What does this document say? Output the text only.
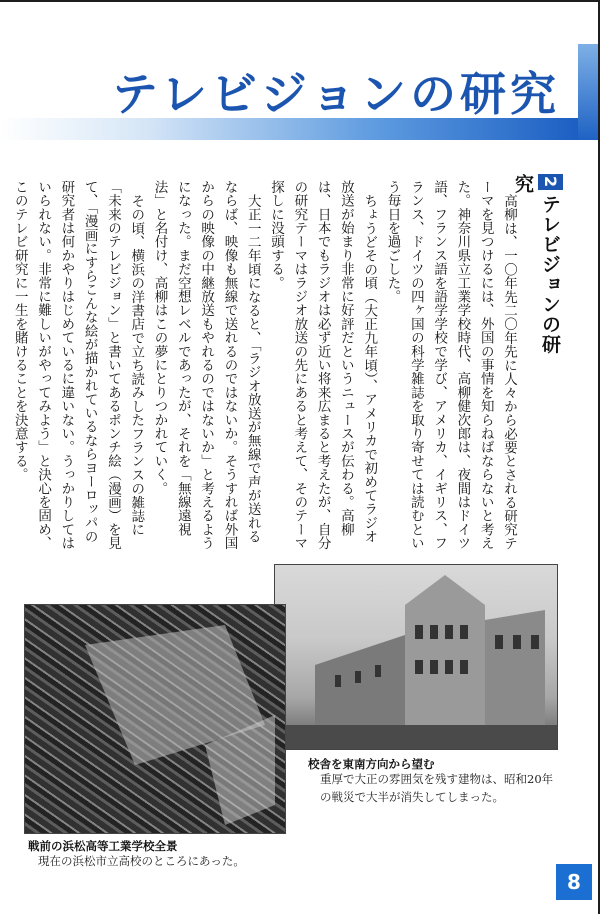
テレビジョンの研究
2テレビジョンの研究

高柳は、一〇年先二〇年先に人々から必要とされる研究テーマを見つけるには、外国の事情を知らねばならないと考えた。神奈川県立工業学校時代、高柳健次郎は、夜間はドイツ語、フランス語を語学学校で学び、アメリカ、イギリス、フランス、ドイツの四ヶ国の科学雑誌を取り寄せては読むという毎日を過ごした。

ちょうどその頃（大正九年頃）、アメリカで初めてラジオ放送が始まり非常に好評だというニュースが伝わる。高柳は、日本でもラジオは必ず近い将来広まると考えたが、自分の研究テーマはラジオ放送の先にあると考えて、そのテーマ探しに没頭する。

大正一二年頃になると、「ラジオ放送が無線で声が送れるならば、映像も無線で送れるのではないか。そうすれば外国からの映像の中継放送もやれるのではないか」と考えるようになった。まだ空想レベルであったが、それを「無線遠視法」と名付け、高柳はこの夢にとりつかれていく。

その頃、横浜の洋書店で立ち読みしたフランスの雑誌に「未来のテレビジョン」と書いてあるポンチ絵（漫画）を見て、「漫画にすらこんな絵が描かれているならヨーロッパの研究者は何かやりはじめているに違いない。うっかりしてはいられない。非常に難しいがやってみよう」と決心を固め、このテレビ研究に一生を賭けることを決意する。

校舎を東南方向から望む

重厚で大正の雰囲気を残す建物は、昭和20年の戦災で大半が消失してしまった。

戦前の浜松高等工業学校全景

現在の浜松市立高校のところにあった。

8
